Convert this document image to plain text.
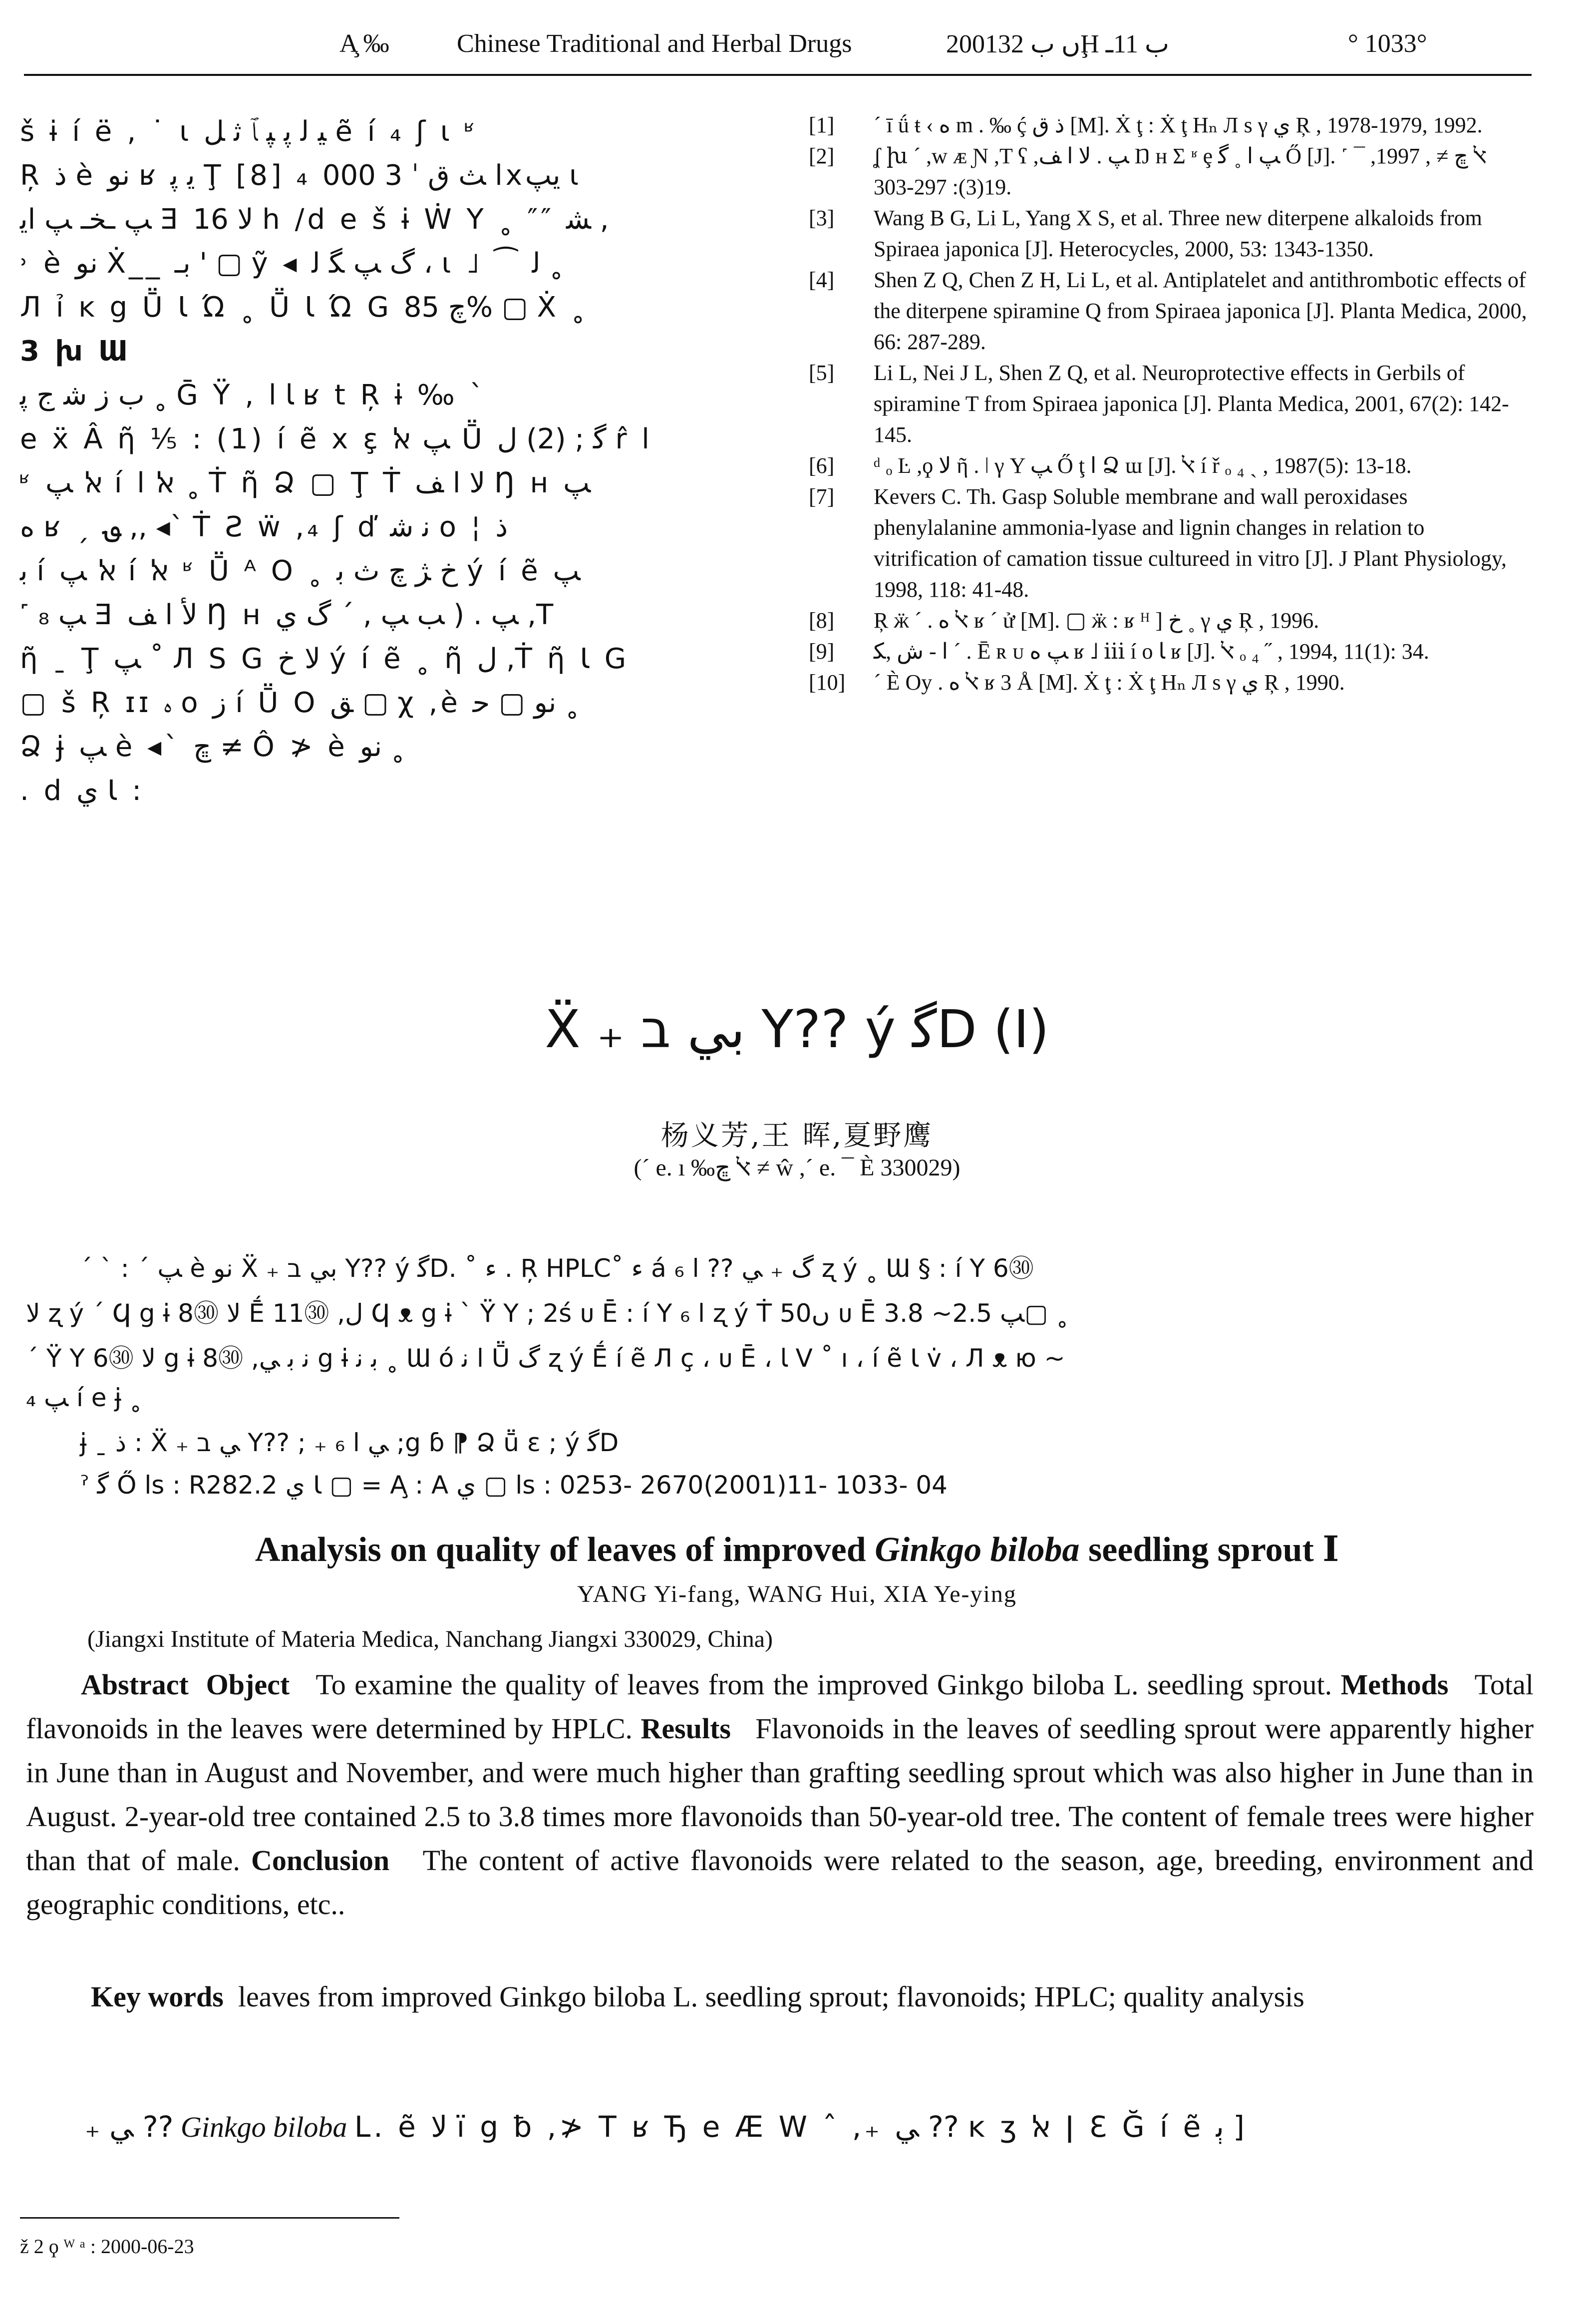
A̧ ‰	Chinese Traditional and Herbal Drugs	2001ں ب 32Ḩ ب 11ـ	° 1033°
š ɨ í ë ‚ ˙ ι ﻴ ﻟ ﭘ ﭙ ﭑ ﺛ ﻞ ẽ í ₄ ʃ ι ʶ
Ŗ ﺫ è ﻧﻮ ʁ ﻳ ﭘ Ţ [8] ₄ ﺚ ﻕ ˈ 3 000 lxﻳﭗ ι
ﭗ ـﺨـ ﭗ ﺍﻳ Ǝ ﻻ 16 h /d e š ɨ Ẇ Y ˳ ″″ ﺸ ,
˒ è ﻧﻮ Ẋ__ ﺑـ ' ▢ ỹ ◂ ﮒ ﭗ ﮕ ﻟ ، ι ˩ ⁀ ﻟ ˳
Л ỉ ĸ g Ṻ Ɩ Ώ ˳ Ṻ Ɩ Ώ G ﭺ 85% ▢ Ẋ ˳
3 խ Ɯ
ﺏ ﺯ ﺷ ﺝ ﭘ ˳ Ḡ Ÿ , ﺎ ﺍ ʁ t Ŗ ɨ ‰ ˋ
e ẍ Â ῆ ⅕ : (1) í ẽ x ɛ̧ ﭗ ﭏ Ṻ ﮔ ; (2) ﻝ r̂ ﺍ
ʶ ﭏ ﭗ í ﭏ ﺍ ˳ Ṫ ῆ Ձ ▢ Ţ Ṫ ﻻ ﺍ ﻒ Ŋ ʜ ﭗ
ﻩ ʁ ˏ ؈ ,, ◂ˋ Ṫ Ƨ ẅ ,₄ ʃ ď ﻧ ﺷ o ¦ ﺫ
ﺑ í ﭏ ﭗ í ﭏ ʶ Ṻ ᴬ O ˳ ﺥ ﮋ ﭺ ﺙ ﺑ ý í ẽ ﭗ
˹ ﭗ ₈ Ǝ ﻷ ﺍ ﻒ Ŋ ʜ ﭗ . ( ﺐ ﭗ , ˊ ﮒ ﻱ ,T
ῆ ˍ Ţ ﭗ ˚ Л S G ﻻ ﺥ ý í ẽ ˳ ῆ ﻝ ,Ṫ ῆ Ɩ G
▢ š Ŗ ɪɪ ﮦ o ﺯ í Ṻ O ﻖ ▢ χ ,è ﻧﻮ ▢ ﺣ ˳
Ձ ɉ ﭗ è ◂ˋ ﭾ ≠ Ô ≯ è ﻧﻮ ˳
. d ﻱ Ɩ :

[1] ˊ ī ǘ ŧ ‹ ﻩ m . ‰ ḉ ﺫ ﻕ [M]. Ẋ ţ : Ẋ ţ Hₙ Л s γ ﻱ Ŗ , 1978-1979, 1992.

[2] ʆ խ ˊ ,w ᴁ Ɲ ,T ʕ ,ﭗ . ﻻ ﺍ ﻒ Ŋ ʜ Σ ʶ ȩ ﭗ ﺍ ˳ ﮔ Ő [J]. ˹ ¯ ﭏ ﭾ ≠ , 1997, 19(3): 297-303.

[3] Wang B G, Li L, Yang X S, et al. Three new diterpene alkaloids from Spiraea japonica [J]. Heterocycles, 2000, 53: 1343-1350.

[4] Shen Z Q, Chen Z H, Li L, et al. Antiplatelet and antithrombotic effects of the diterpene spiramine Q from Spiraea japonica [J]. Planta Medica, 2000, 66: 287-289.

[5] Li L, Nei J L, Shen Z Q, et al. Neuroprotective effects in Gerbils of spiramine T from Spiraea japonica [J]. Planta Medica, 2001, 67(2): 142-145.

[6] ᵈ ₒ Ŀ ,ϙ ﻻ ῆ . ǀ γ Y ﭗ Ő ţ ﺍ Ձ ɯ [J]. ﭏ í ř ₒ ₄ ˏ , 1987(5): 13-18.

[7] Kevers C. Th. Gasp Soluble membrane and wall peroxidases phenylalanine ammonia-lyase and lignin changes in relation to vitrification of camation tissue cultureed in vitro [J]. J Plant Physiology, 1998, 118: 41-48.

[8] Ŗ ӝ ˊ . ﭏ ﻩ ʁ ˊ ử [M]. ▢ ӝ : ʁ ᴴ ] ﺥ ˳ γ ﻱ Ŗ , 1996.

[9] ﺍ - ﺵ ,ﮑ ˊ . Ē ʀ ᴜ ﭗ ﻩ ʁ ˩ ⅲ í o ﺎ ʁ [J]. ﭏ ₒ ₄ ˝ , 1994, 11(1): 34.

[10] ˊ È Oy . ﭏ ﻩ ʁ 3 Å [M]. Ẋ ţ : Ẋ ţ Hₙ Л s γ ﻱ Ŗ , 1990.

Ẍ ₊ ﺑﻲ ב Y?? ý ﮔD (Ⅰ)
杨义芳,王 晖,夏野鹰
(ˊ e. ı ‰ﭏ ﭾ ≠ ŵ ,ˊ e. ¯ È 330029)
ˊ ˋ : ˊ ﭗ è ﻧﻮ Ẍ ₊ ﺑﻲ ב Y?? ý ﮔD. ˚ ﺀ . Ŗ HPLC˚ ﺀ á ﮒ ₊ ﻲ ?? ﺍ ₆ ʐ ý ˳ Ɯ § : í Y 6㉚
ﻻ ʐ ý ˊ Ϥ g ɨ 8㉚ ﻻ Ḗ 11㉚ ,ﻝ Ϥ ᴥ g ɨ ˋ Ÿ Y ; 2ś ᴜ Ē : í Y ﺍ ₆ ʐ ý Ṫ 50ں ᴜ Ē ﭗ 2.5~ 3.8▢ ˳
ˊ Ÿ Y 6㉚ ﻻ g ɨ 8㉚ ,ﻧ ﺑ ﻲ g ɨ ﺑ ﻧ ˳ Ɯ ó ﺍ ﻧ Ṻ ﮒ ʐ ý Ḗ í ẽ Л ç ، ᴜ Ē ، ﺎ V ˚ ı ، í ẽ Ɩ v̇ ، Л ᴥ ю ~
ﭗ ₄ í e ɉ ˳
ɉ ˍ ﺫ : Ẍ ₊ ﻲ ב Y?? ; ₊ ﻲ ﺍ ₆ ;g ɓ ⁋ Ձ ṻ ɛ ; ý ﮔD
ˀ ﮔ Ő ls : R282.2 ﻱ Ɩ ▢ = A̧ : A ﻱ ▢ ls : 0253- 2670(2001)11- 1033- 04
Analysis on quality of leaves of improved Ginkgo biloba seedling sprout Ⅰ
YANG Yi-fang, WANG Hui, XIA Ye-ying
(Jiangxi Institute of Materia Medica, Nanchang Jiangxi 330029, China)
Abstract Object To examine the quality of leaves from the improved Ginkgo biloba L. seedling sprout. Methods Total flavonoids in the leaves were determined by HPLC. Results Flavonoids in the leaves of seedling sprout were apparently higher in June than in August and November, and were much higher than grafting seedling sprout which was also higher in June than in August. 2-year-old tree contained 2.5 to 3.8 times more flavonoids than 50-year-old tree. The content of female trees were higher than that of male. Conclusion The content of active flavonoids were related to the season, age, breeding, environment and geographic conditions, etc..
Key words leaves from improved Ginkgo biloba L. seedling sprout; flavonoids; HPLC; quality analysis
₊ ﻲ ?? Ginkgo biloba L. ẽ ﻻ ï g ƀ ,≯ T ʁ Ђ e Æ W ˆ ,₊ ﻲ ?? ĸ ʒ ﭏ ǀ Ɛ Ğ í ẽ ﭔ ]
ž 2 ϙ ᵂ ᵃ : 2000-06-23
